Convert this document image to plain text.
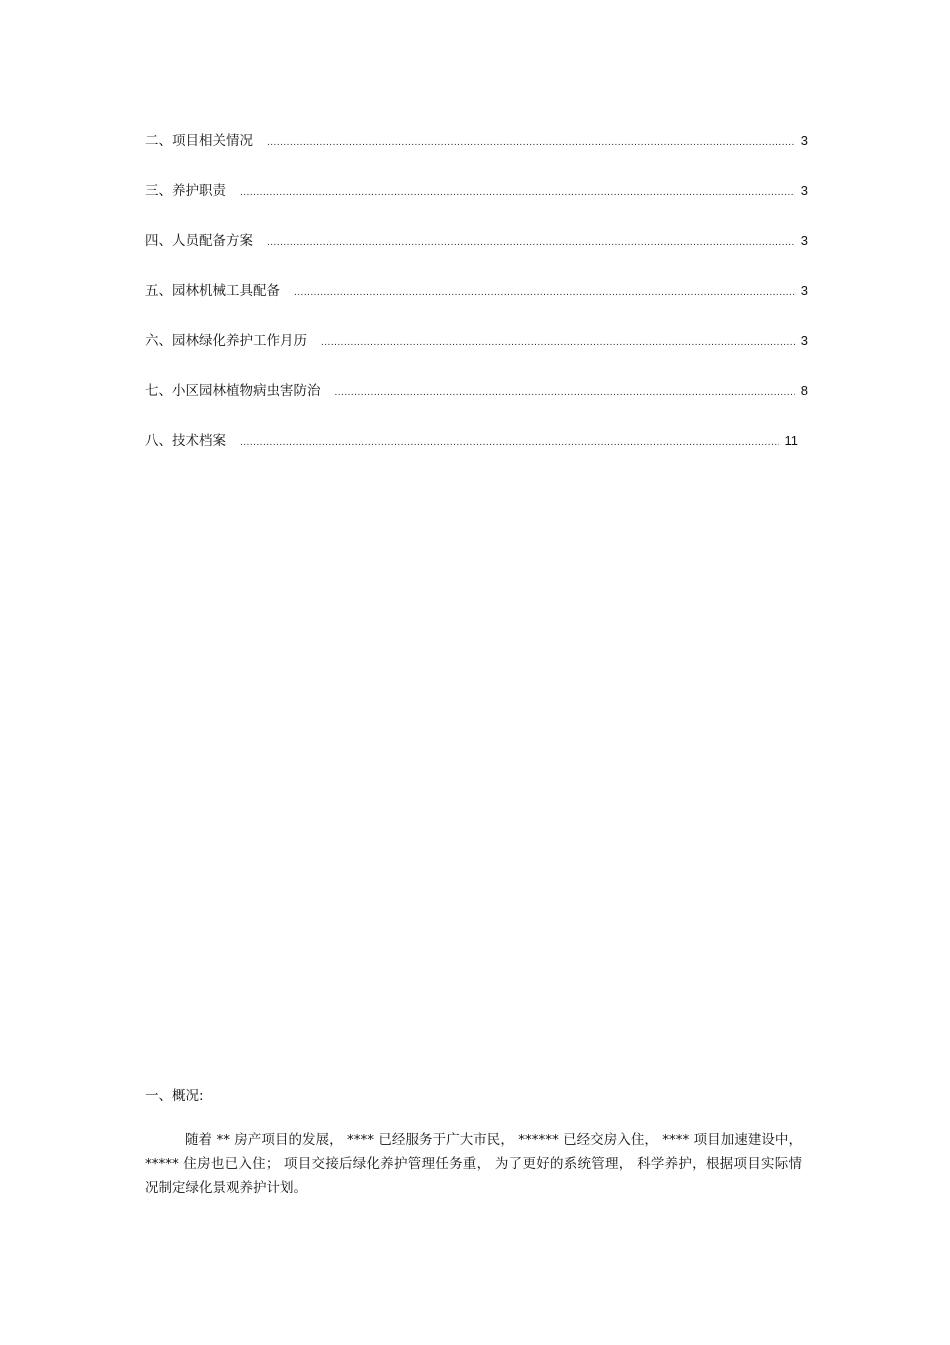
二、项目相关情况 .....	3
三、养护职责 .....	3
四、人员配备方案 .....	3
五、园林机械工具配备 .....	3
六、园林绿化养护工作月历 .....	3
七、小区园林植物病虫害防治 .....	8
八、技术档案 .....	11
一、概况:

随着 ** 房产项目的发展， **** 已经服务于广大市民， ****** 已经交房入住， **** 项目加速建设中， ***** 住房也已入住； 项目交接后绿化养护管理任务重， 为了更好的系统管理， 科学养护，根据项目实际情况制定绿化景观养护计划。
